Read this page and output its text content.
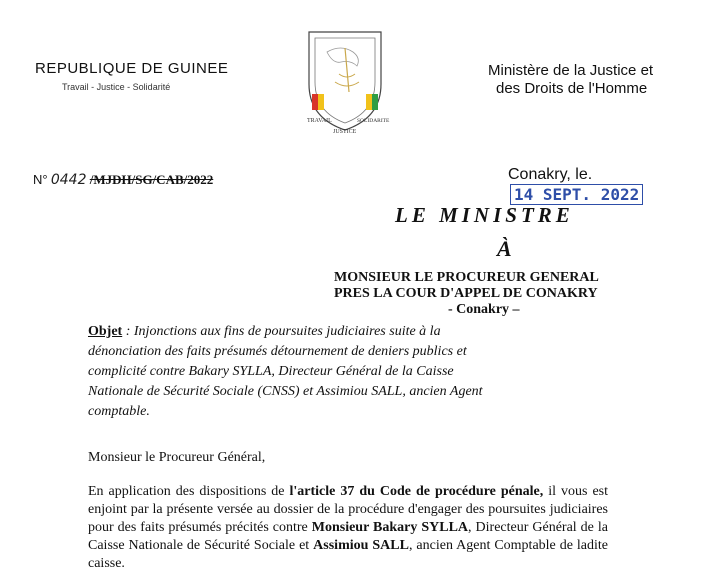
REPUBLIQUE DE GUINEE
Travail - Justice - Solidarité
TRAVAIL
JUSTICE
SOLIDARITE
Ministère de la Justice et
des Droits de l'Homme
N° 0442 /MJDH/SG/CAB/2022	Conakry, le. 14 SEPT. 2022
LE MINISTRE
À
MONSIEUR LE PROCUREUR GENERAL
PRES LA COUR D'APPEL DE CONAKRY
- Conakry –
Objet : Injonctions aux fins de poursuites judiciaires suite à la dénonciation des faits présumés détournement de deniers publics et complicité contre Bakary SYLLA, Directeur Général de la Caisse Nationale de Sécurité Sociale (CNSS) et Assimiou SALL, ancien Agent comptable.
Monsieur le Procureur Général,
En application des dispositions de l'article 37 du Code de procédure pénale, il vous est enjoint par la présente versée au dossier de la procédure d'engager des poursuites judiciaires pour des faits présumés précités contre Monsieur Bakary SYLLA, Directeur Général de la Caisse Nationale de Sécurité Sociale et Assimiou SALL, ancien Agent Comptable de ladite caisse.
